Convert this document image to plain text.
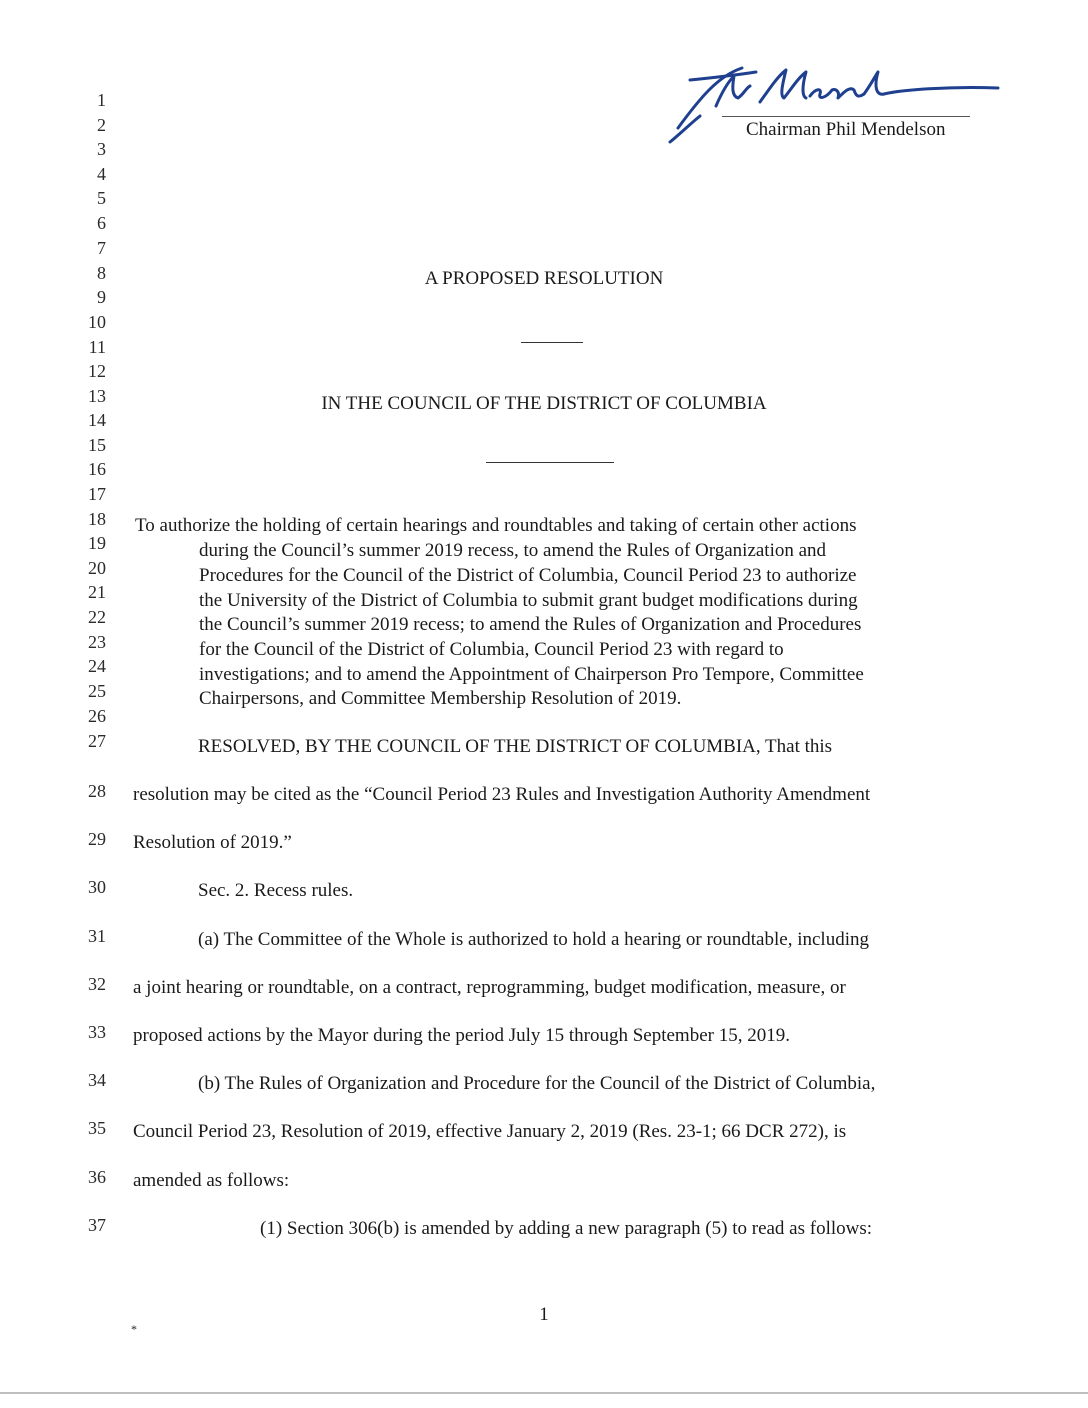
Chairman Phil Mendelson
1
2
3
4
5
6
7
8
9
10
11
12
13
14
15
16
17
18
19
20
21
22
23
24
25
26
27
28
29
30
31
32
33
34
35
36
37
A PROPOSED RESOLUTION
IN THE COUNCIL OF THE DISTRICT OF COLUMBIA
To authorize the holding of certain hearings and roundtables and taking of certain other actions
during the Council’s summer 2019 recess, to amend the Rules of Organization and
Procedures for the Council of the District of Columbia, Council Period 23 to authorize
the University of the District of Columbia to submit grant budget modifications during
the Council’s summer 2019 recess; to amend the Rules of Organization and Procedures
for the Council of the District of Columbia, Council Period 23 with regard to
investigations; and to amend the Appointment of Chairperson Pro Tempore, Committee
Chairpersons, and Committee Membership Resolution of 2019.
RESOLVED, BY THE COUNCIL OF THE DISTRICT OF COLUMBIA, That this
resolution may be cited as the “Council Period 23 Rules and Investigation Authority Amendment
Resolution of 2019.”
Sec. 2. Recess rules.
(a) The Committee of the Whole is authorized to hold a hearing or roundtable, including
a joint hearing or roundtable, on a contract, reprogramming, budget modification, measure, or
proposed actions by the Mayor during the period July 15 through September 15, 2019.
(b) The Rules of Organization and Procedure for the Council of the District of Columbia,
Council Period 23, Resolution of 2019, effective January 2, 2019 (Res. 23-1; 66 DCR 272), is
amended as follows:
(1) Section 306(b) is amended by adding a new paragraph (5) to read as follows:
1
*
